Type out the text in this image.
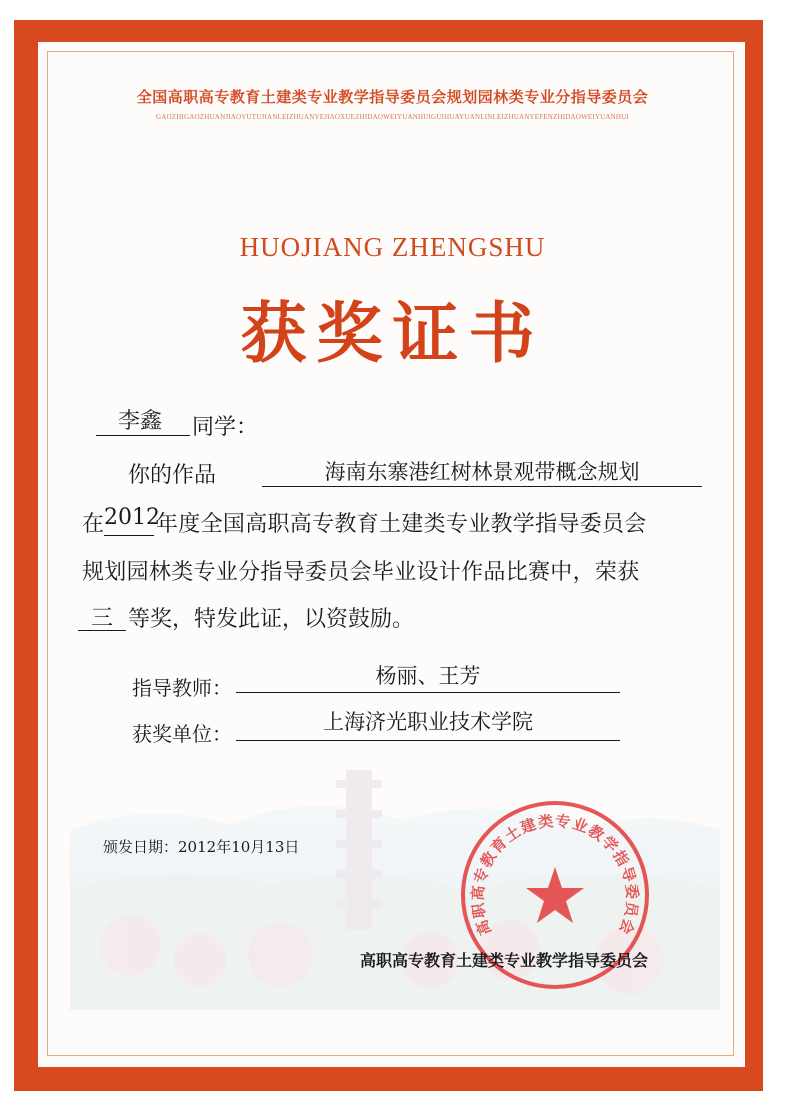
全国高职高专教育土建类专业教学指导委员会规划园林类专业分指导委员会
GAOZHIGAOZHUANJIAOYUTUJIANLEIZHUANYEJIAOXUEZHIDAOWEIYUANHUIGUIHUAYUANLINLEIZHUANYEFENZHIDAOWEIYUANHUI
HUOJIANG ZHENGSHU
获奖证书
李鑫	同学：
你的作品	海南东寨港红树林景观带概念规划
在 2012
年度全国高职高专教育土建类专业教学指导委员会
规划园林类专业分指导委员会毕业设计作品比赛中，荣获
三 等奖，特发此证，以资鼓励。
指导教师：	杨丽、王芳
获奖单位：	上海济光职业技术学院
颁发日期：2012年10月13日
高职高专教育土建类专业教学指导委员会
高职高专教育土建类专业教学指导委员会
